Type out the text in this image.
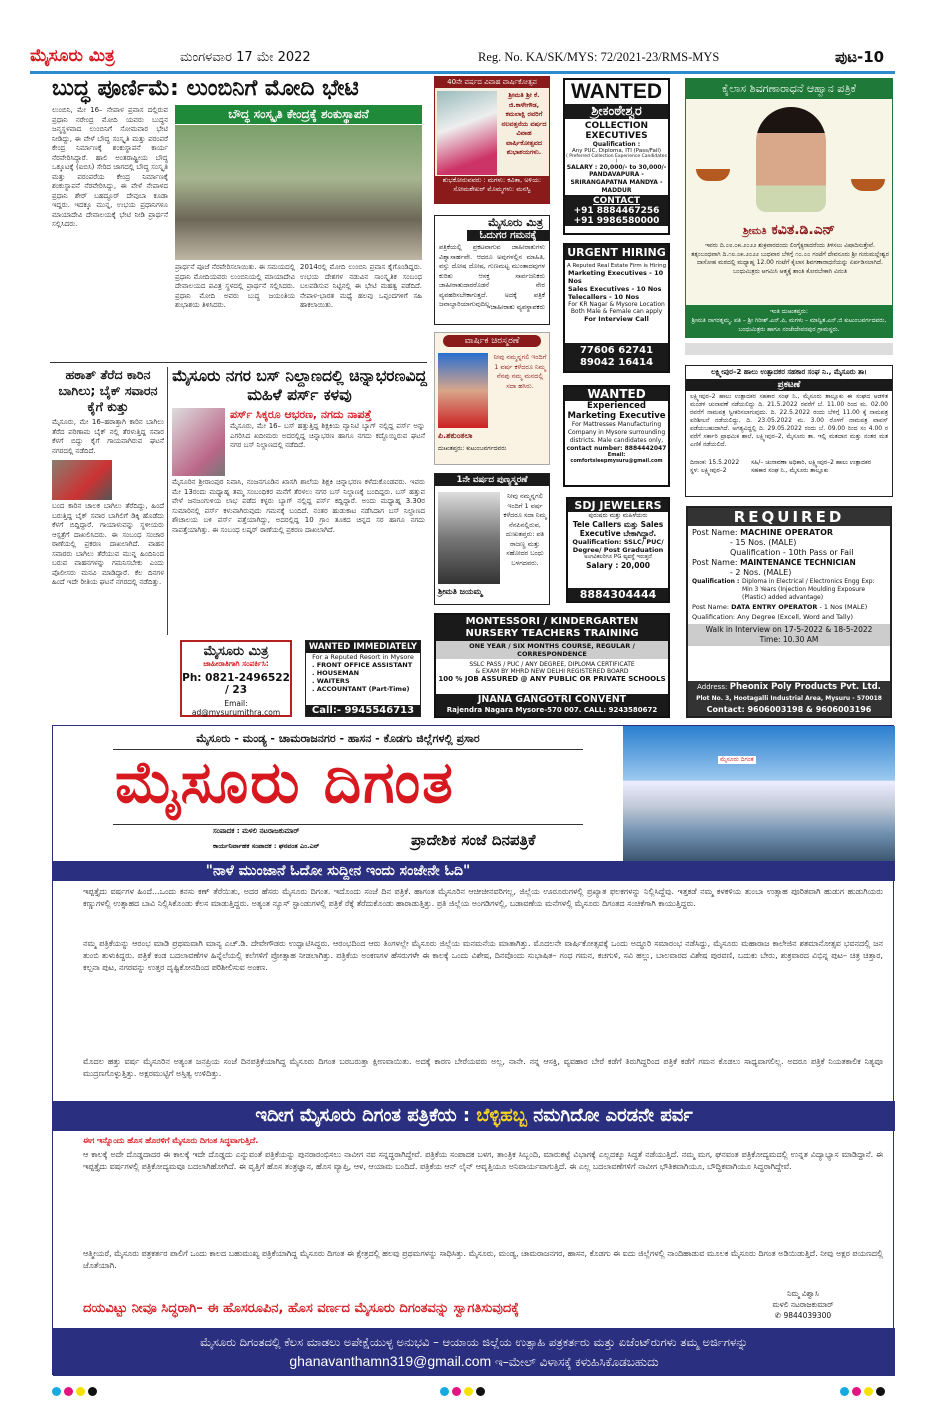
ಮೈಸೂರು ಮಿತ್ರ	ಮಂಗಳವಾರ 17 ಮೇ 2022	Reg. No. KA/SK/MYS: 72/2021-23/RMS-MYS	ಪುಟ-10
ಬುದ್ಧ ಪೂರ್ಣಿಮೆ: ಲುಂಬಿನಿಗೆ ಮೋದಿ ಭೇಟಿ
ಲುಂಬಿನಿ, ಮೇ 16– ನೇಪಾಳ ಪ್ರವಾಸ ದಲ್ಲಿರುವ ಪ್ರಧಾನಿ ನರೇಂದ್ರ ಮೋದಿ ಯವರು ಬುದ್ಧನ ಜನ್ಮಸ್ಥಳವಾದ ಲುಂಬಿನಿಗೆ ಸೋಮವಾರ ಭೇಟಿ ನೀಡಿದ್ದು, ಈ ವೇಳೆ ಬೌದ್ಧ ಸಂಸ್ಕೃತಿ ಮತ್ತು ಪರಂಪರೆ ಕೇಂದ್ರ ನಿರ್ಮಾಣಕ್ಕೆ ಶಂಕುಸ್ಥಾಪನೆ ಕಾರ್ಯ ನೆರವೇರಿಸಿದ್ದಾರೆ. ಹಾಲಿ ಅಂತರಾಷ್ಟ್ರೀಯ ಬೌದ್ಧ ಒಕ್ಕೂಟಕ್ಕೆ (ಐಬಿಸಿ) ಸೇರಿದ ಜಾಗದಲ್ಲಿ ಬೌದ್ಧ ಸಂಸ್ಕೃತಿ ಮತ್ತು ಪರಂಪರೆಯ ಕೇಂದ್ರ ನಿರ್ಮಾಣಕ್ಕೆ ಶಂಕುಸ್ಥಾಪನೆ ನೆರವೇರಿಸಿದ್ದು, ಈ ವೇಳೆ ನೇಪಾಳದ ಪ್ರಧಾನಿ ಶೇರ್ ಬಹದ್ದೂರ್ ದೇವುಬಾ ಕೂಡಾ ಇದ್ದರು. ಇದಕ್ಕೂ ಮುನ್ನ, ಉಭಯ ಪ್ರಧಾನಿಗಳೂ ಮಾಯಾದೇವಿ ದೇವಾಲಯಕ್ಕೆ ಭೇಟಿ ನೀಡಿ ಪ್ರಾರ್ಥನೆ ಸಲ್ಲಿಸಿದರು.
ಬೌದ್ಧ ಸಂಸ್ಕೃತಿ ಕೇಂದ್ರಕ್ಕೆ ಶಂಕುಸ್ಥಾಪನೆ
ಪ್ರಾರ್ಥನೆ ಪೂಜೆ ನೆರವೇರಿಸಲಾಯಿತು. ಈ ಸಮಯದಲ್ಲಿ ಪ್ರಧಾನಿ ಮೋದಿಯವರು ಲುಂಬಿನಿಯಲ್ಲಿ ಮಾಯಾದೇವಿ ದೇವಾಲಯದ ಪವಿತ್ರ ಸ್ಥಳದಲ್ಲಿ ಪ್ರಾರ್ಥನೆ ಸಲ್ಲಿಸಿದರು. ಪ್ರಧಾನಿ ಮೋದಿ ಅವರು ಬುದ್ಧ ಜಯಂತಿಯ ಶುಭಾಶಯ ತಿಳಿಸಿದರು.
2014ರಲ್ಲಿ ಮೋದಿ ಲುಂಬಿನಿ ಪ್ರವಾಸ ಕೈಗೊಂಡಿದ್ದರು. ಉಭಯ ದೇಶಗಳ ನಡುವಿನ ಸಾಂಸ್ಕೃತಿಕ ಸಂಬಂಧ ಬಲಪಡಿಸುವ ನಿಟ್ಟಿನಲ್ಲಿ ಈ ಭೇಟಿ ಮಹತ್ವ ಪಡೆದಿದೆ. ನೇಪಾಳ-ಭಾರತ ಮಧ್ಯೆ ಹಲವು ಒಪ್ಪಂದಗಳಿಗೆ ಸಹಿ ಹಾಕಲಾಯಿತು.
ಹಠಾತ್ ತೆರೆದ ಕಾರಿನ ಬಾಗಿಲು; ಬೈಕ್ ಸವಾರನ ಕೈಗೆ ಕುತ್ತು
ಮೈಸೂರು, ಮೇ 16–ಹಠಾತ್ತಾಗಿ ಕಾರಿನ ಬಾಗಿಲು ತೆರೆದ ಪರಿಣಾಮ ಬೈಕ್ ನಲ್ಲಿ ತೆರಳುತ್ತಿದ್ದ ಸವಾರ ಕೆಳಗೆ ಬಿದ್ದು ಕೈಗೆ ಗಾಯವಾಗಿರುವ ಘಟನೆ ನಗರದಲ್ಲಿ ನಡೆದಿದೆ.
ಬಂದ ಕಾರಿನ ಚಾಲಕ ಬಾಗಿಲು ತೆರೆದಿದ್ದು, ಹಿಂದೆ ಬರುತ್ತಿದ್ದ ಬೈಕ್ ಸವಾರ ಬಾಗಿಲಿಗೆ ಡಿಕ್ಕಿ ಹೊಡೆದು ಕೆಳಗೆ ಬಿದ್ದಿದ್ದಾರೆ. ಗಾಯಾಳುವನ್ನು ಸ್ಥಳೀಯರು ಆಸ್ಪತ್ರೆಗೆ ದಾಖಲಿಸಿದರು. ಈ ಸಂಬಂಧ ಸಂಚಾರ ಠಾಣೆಯಲ್ಲಿ ಪ್ರಕರಣ ದಾಖಲಾಗಿದೆ. ವಾಹನ ಸವಾರರು ಬಾಗಿಲು ತೆರೆಯುವ ಮುನ್ನ ಹಿಂದಿನಿಂದ ಬರುವ ವಾಹನಗಳನ್ನು ಗಮನಿಸಬೇಕು ಎಂದು ಪೊಲೀಸರು ಮನವಿ ಮಾಡಿದ್ದಾರೆ. ಕೆಲ ದಿನಗಳ ಹಿಂದೆ ಇದೇ ರೀತಿಯ ಘಟನೆ ನಗರದಲ್ಲಿ ನಡೆದಿತ್ತು.
ಮೈಸೂರು ನಗರ ಬಸ್ ನಿಲ್ದಾಣದಲ್ಲಿ ಚಿನ್ನಾಭರಣವಿದ್ದ ಮಹಿಳೆ ಪರ್ಸ್ ಕಳವು
ಪರ್ಸ್ ಸಿಕ್ಕರೂ ಆಭರಣ, ನಗದು ನಾಪತ್ತೆ
ಮೈಸೂರು, ಮೇ 16– ಬಸ್ ಹತ್ತುತ್ತಿದ್ದ ಶಿಕ್ಷಕಿಯ ವ್ಯಾನಿಟಿ ಬ್ಯಾಗ್ ನಲ್ಲಿದ್ದ ಪರ್ಸ್ ಅನ್ನು ಎಗರಿಸಿದ ಖದೀಮರು ಅದರಲ್ಲಿದ್ದ ಚಿನ್ನಾಭರಣ ಹಾಗೂ ನಗದು ಕದ್ದೊಯ್ದಿರುವ ಘಟನೆ ನಗರ ಬಸ್ ನಿಲ್ದಾಣದಲ್ಲಿ ನಡೆದಿದೆ.
ಮೈಸೂರಿನ ಶ್ರೀರಾಂಪುರ ನಿವಾಸಿ, ನಂಜನಗೂಡಿನ ಖಾಸಗಿ ಶಾಲೆಯ ಶಿಕ್ಷಕಿ ಚಿನ್ನಾಭರಣ ಕಳೆದುಕೊಂಡವರು. ಇವರು ಮೇ 13ರಂದು ಮಧ್ಯಾಹ್ನ ತಮ್ಮ ಸಂಬಂಧಿಕರ ಮನೆಗೆ ತೆರಳಲು ನಗರ ಬಸ್ ನಿಲ್ದಾಣಕ್ಕೆ ಬಂದಿದ್ದರು. ಬಸ್ ಹತ್ತುವ ವೇಳೆ ಜನಜಂಗುಳಿಯ ಲಾಭ ಪಡೆದ ಕಳ್ಳರು ಬ್ಯಾಗ್ ನಲ್ಲಿದ್ದ ಪರ್ಸ್ ಕದ್ದಿದ್ದಾರೆ. ಅಂದು ಮಧ್ಯಾಹ್ನ 3.30ರ ಸುಮಾರಿನಲ್ಲಿ ಪರ್ಸ್ ಕಳುವಾಗಿರುವುದು ಗಮನಕ್ಕೆ ಬಂದಿದೆ. ನಂತರ ಹುಡುಕಾಟ ನಡೆಸಿದಾಗ ಬಸ್ ನಿಲ್ದಾಣದ ಶೌಚಾಲಯ ಬಳಿ ಪರ್ಸ್ ಪತ್ತೆಯಾಗಿದ್ದು, ಅದರಲ್ಲಿದ್ದ 10 ಗ್ರಾಂ ತೂಕದ ಚಿನ್ನದ ಸರ ಹಾಗೂ ನಗದು ನಾಪತ್ತೆಯಾಗಿತ್ತು. ಈ ಸಂಬಂಧ ಲಷ್ಕರ್ ಠಾಣೆಯಲ್ಲಿ ಪ್ರಕರಣ ದಾಖಲಾಗಿದೆ.
ಮೈಸೂರು ಮಿತ್ರ
ಜಾಹೀರಾತಿಗಾಗಿ ಸಂಪರ್ಕಿಸಿ:
Ph: 0821-2496522 / 23
Email: ad@mysurumithra.com
WANTED IMMEDIATELY
For a Reputed Resort in Mysore
. FRONT OFFICE ASSISTANT
. HOUSEMAN
. WAITERS
. ACCOUNTANT (Part-Time)
Call:- 9945546713
40ನೇ ವರ್ಷದ ವಿವಾಹ ವಾರ್ಷಿಕೋತ್ಸವ
ಶ್ರೀಮತಿ ಶ್ರೀ ಕೆ. ಜಿ.ಕಾಳೇಗೌಡ, ಕಮಲಾಕ್ಷಿ ರವರಿಗೆ ನಲವತ್ತನೆಯ ವರ್ಷದ ವಿವಾಹ ವಾರ್ಷಿಕೋತ್ಸವದ ಶುಭಾಶಯಗಳು.
ಶುಭಕೋರುವವರು : ಮಗಳು: ಕವಿತಾ, ಅಳಿಯ: ಸೋಮಶೇಖರ್ ಮೊಮ್ಮಗಳು: ಮನಸ್ವಿ
ಮೈಸೂರು ಮಿತ್ರ
ಓದುಗರ ಗಮನಕ್ಕೆ
ಪತ್ರಿಕೆಯಲ್ಲಿ ಪ್ರಕಟವಾಗುವ ಜಾಹೀರಾತುಗಳು ವಿಶ್ವಾಸಾರ್ಹವೇ. ಆದರೂ ಅವುಗಳಲ್ಲಿನ ಮಾಹಿತಿ, ವಸ್ತು ದೋಷ ದೋಷ, ಗುಣಮಟ್ಟ ಮುಂತಾದವುಗಳ ಕುರಿತು ಆಸಕ್ತ ಸಾರ್ವಜನಿಕರು ಜಾಹೀರಾತುದಾರರೊಡನೆ ನೇರ ವ್ಯವಹರಿಸಬೇಕಾಗುತ್ತದೆ. ಅದಕ್ಕೆ ಪತ್ರಿಕೆ ಜವಾಬ್ದಾರಿಯಾಗುವುದಿಲ್ಲ.
-ಜಾಹೀರಾತು ವ್ಯವಸ್ಥಾಪಕರು
ವಾರ್ಷಿಕ ಚಿರಸ್ಮರಣೆ
ನೀವು ನಮ್ಮನ್ನಗಲಿ ಇಂದಿಗೆ 1 ವರ್ಷ ಕಳೆದರೂ ನಿಮ್ಮ ನೆನಪು ನಮ್ಮ ಮನದಲ್ಲಿ ಸದಾ ಹಸಿರು.
ಪಿ.ಶಕುಂತಲಾ
ದುಃಖತಪ್ತರು: ಕುಟುಂಬವರ್ಗದವರು
1ನೇ ವರ್ಷದ ಪುಣ್ಯಸ್ಮರಣೆ
ನೀವು ನಮ್ಮನ್ನಗಲಿ ಇಂದಿಗೆ 1 ವರ್ಷ ಕಳೆದರೂ ಸದಾ ನಿಮ್ಮ ನೆನಪಿನಲ್ಲಿರುವ, ದುಃಖತಪ್ತರು: ಪತಿ ರಾಜಣ್ಣ ಮತ್ತು ಸಹೋದರ ಬಂಧು ಬಳಗದವರು.
ಶ್ರೀಮತಿ ಜಯಮ್ಮ
WANTED
ಶ್ರೀಕಂಠೇಶ್ವರ
COLLECTION EXECUTIVES
Qualification :
Any PUC, Diploma, ITI (Pass/Fail)
( Preferred Collection Experience Candidates )
SALARY : 20,000/- to 30,000/-
PANDAVAPURA - SRIRANGAPATNA MANDYA - MADDUR
CONTACT
+91 8884467256
+91 9986580000
URGENT HIRING
A Reputed Real Estate Firm is Hiring
Marketing Executives - 10 Nos
Sales Executives - 10 Nos
Telecallers - 10 Nos
For KR Nagar & Mysore Location
Both Male & Female can apply
For Interview Call
77606 62741
89042 16414
WANTED
Experienced
Marketing Executive
For Mattresses Manufacturing Company in Mysore surrounding districts. Male candidates only,
contact number: 8884442047
Email: comfortsleepmysuru@gmail.com
SDJ JEWELERS
ಪುರುಷರು ಮತ್ತು ಮಹಿಳೆಯರು
Tele Callers ಮತ್ತು Sales Executive ಬೇಕಾಗಿದ್ದಾರೆ.
Qualification: SSLC/ PUC/ Degree/ Post Graduation
ಅಂಗವಿಕಲರಿಗೂ PG ವ್ಯವಸ್ಥೆ ಇರುತ್ತದೆ
Salary : 20,000
8884304444
MONTESSORI / KINDERGARTEN
NURSERY TEACHERS TRAINING
ONE YEAR / SIX MONTHS COURSE, REGULAR / CORRESPONDENCE
SSLC PASS / PUC / ANY DEGREE, DIPLOMA CERTIFICATE
& EXAM BY MHRD NEW DELHI REGISTERED BOARD
100 % JOB ASSURED @ ANY PUBLIC OR PRIVATE SCHOOLS
JNANA GANGOTRI CONVENT
Rajendra Nagara Mysore-570 007. CALL: 9243580672
ಕೈಲಾಸ ಶಿವಗಣಾರಾಧನೆ ಆಹ್ವಾನ ಪತ್ರಿಕೆ
ಶ್ರೀಮತಿ ಕವಿತ.ಡಿ.ಎನ್
ಇವರು ದಿ.೦೮.೦೫.೨೦೨೨ ಶುಕ್ರವಾರದಂದು ಲಿಂಗೈಕ್ಯರಾದರೆಂದು ತಿಳಿಸಲು ವಿಷಾದಿಸುತ್ತೇವೆ. ತತ್ಸಂಬಂಧವಾಗಿ ದಿ.೧೮.೦೫.೨೦೨೨ ಬುಧವಾರ ಬೆಳಿಗ್ಗೆ ೧೦.೦೦ ಗಂಟೆಗೆ ದೇವನೂರು ಶ್ರೀ ಗುರುಮಲ್ಲೇಶ್ವರ ದಾಸೋಹ ಮಠದಲ್ಲಿ ಮಧ್ಯಾಹ್ನ 12.00 ಗಂಟೆಗೆ ಕೈಲಾಸ ಶಿವಗಣಾರಾಧನೆಯನ್ನು ಏರ್ಪಡಿಸಲಾಗಿದೆ. ಬಂಧುಮಿತ್ರರು ಆಗಮಿಸಿ ಆತ್ಮಕ್ಕೆ ಶಾಂತಿ ಕೋರಬೇಕಾಗಿ ವಿನಂತಿ
ಇಂತಿ ದುಃಖತಪ್ತರು:
ಶ್ರೀಮತಿ ನಾಗರತ್ನಮ್ಮ, ಪತಿ – ಶ್ರೀ ಗಿರೀಶ್.ಎನ್.ಪಿ, ಮಗಳು – ಮಾನ್ವಿತ.ಎನ್.ಜಿ ಕುಟುಂಬವರ್ಗದವರು, ಬಂಧುಮಿತ್ರರು ಹಾಗೂ ನಂಜೇದೇವನಪುರ ಗ್ರಾಮಸ್ಥರು.
ಲಕ್ಷ್ಮೀಪುರ–2 ಹಾಲು ಉತ್ಪಾದಕರ ಸಹಕಾರ ಸಂಘ ನಿ., ಮೈಸೂರು ತಾ।
ಪ್ರಕಟಣೆ
ಲಕ್ಷ್ಮೀಪುರ–2 ಹಾಲು ಉತ್ಪಾದಕರ ಸಹಕಾರ ಸಂಘ ನಿ., ಮೈಸೂರು ತಾಲ್ಲೂಕು ಈ ಸಂಘದ ಆಡಳಿತ ಮಂಡಳಿ ಚುನಾವಣೆ ನಡೆಯಲಿದ್ದು ದಿ. 21.5.2022 ರವರೆಗೆ ಬೆ. 11.00 ರಿಂದ ಮ. 02.00 ರವರೆಗೆ ನಾಮಪತ್ರ ಸ್ವೀಕರಿಸಲಾಗುವುದು. ದಿ. 22.5.2022 ರಂದು ಬೆಳಿಗ್ಗೆ 11.00 ಕ್ಕೆ ನಾಮಪತ್ರ ಪರಿಶೀಲನೆ ನಡೆಯಲಿದ್ದು, ದಿ. 23.05.2022 ಮ. 3.00 ರೊಳಗೆ ನಾಮಪತ್ರ ವಾಪಸ್ ಪಡೆಯಬಹುದಾಗಿದೆ. ಅಗತ್ಯವಿದ್ದಲ್ಲಿ ದಿ. 29.05.2022 ರಂದು ಬೆ. 09.00 ರಿಂದ ಸಂ 4.00 ರ ವರೆಗೆ ಸರ್ಕಾರಿ ಪ್ರಾಥಮಿಕ ಶಾಲೆ, ಲಕ್ಷ್ಮೀಪುರ–2, ಮೈಸೂರು ತಾ. ಇಲ್ಲಿ ಮತದಾನ ಮತ್ತು ನಂತರ ಮತ ಎಣಿಕೆ ನಡೆಯಲಿದೆ.
ದಿನಾಂಕ: 15.5.2022
ಸ್ಥಳ: ಲಕ್ಷ್ಮೀಪುರ–2
ಸಹಿ/– ಚುನಾವಣಾ ಅಧಿಕಾರಿ, ಲಕ್ಷ್ಮೀಪುರ–2 ಹಾಲು ಉತ್ಪಾದಕರ ಸಹಕಾರ ಸಂಘ ನಿ., ಮೈಸೂರು ತಾಲ್ಲೂಕು
REQUIRED
Post Name: MACHINE OPERATOR
- 15 Nos. (MALE)
Qualification - 10th Pass or Fail
Post Name: MAINTENANCE TECHNICIAN
- 2 Nos. (MALE)
Qualification : Diploma in Electrical / Electronics Engg Exp: Min 3 Years (Injection Moulding Exposure (Plastic) added advantage)
Post Name: DATA ENTRY OPERATOR - 1 Nos (MALE)
Qualification: Any Degree (Excell, Word and Tally)
Walk in Interview on 17-5-2022 & 18-5-2022
Time: 10.30 AM
Address: Pheonix Poly Products Pvt. Ltd.
Plot No. 3, Hootagalli Industrial Area, Mysuru - 570018
Contact: 9606003198 & 9606003196
ಮೈಸೂರು - ಮಂಡ್ಯ - ಚಾಮರಾಜನಗರ - ಹಾಸನ - ಕೊಡಗು ಜಿಲ್ಲೆಗಳಲ್ಲಿ ಪ್ರಸಾರ
ಮೈಸೂರು ದಿಗಂತ
ಸಂಪಾದಕ : ಮಳಲಿ ನಟರಾಜಕುಮಾರ್
ಕಾರ್ಯನಿರ್ವಾಹಕ ಸಂಪಾದಕ : ಘನವಂತ ಎಂ.ಎನ್	ಪ್ರಾದೇಶಿಕ ಸಂಜೆ ದಿನಪತ್ರಿಕೆ
ಮೈಸೂರು ದಿಗಂತ
"ನಾಳೆ ಮುಂಜಾನೆ ಓದೋ ಸುದ್ದೀನ ಇಂದು ಸಂಜೇನೇ ಓದಿ"
ಇಪ್ಪತ್ತೈದು ವರ್ಷಗಳ ಹಿಂದೆ...ಒಂದು ಕನಸು ಕಣ್ ತೆರೆಯಿತು, ಅದರ ಹೆಸರು ಮೈಸೂರು ದಿಗಂತ. ಇದೊಂದು ಸಂಜೆ ದಿನ ಪತ್ರಿಕೆ. ಹಾಗಂತ ಮೈಸೂರಿನ ಆಚೀಚೀನವರಿಗಲ್ಲ, ಜಿಲ್ಲೆಯ ಊರೂರುಗಳಲ್ಲಿ ಪ್ರಖ್ಯಾತ ಫಲಕಗಳನ್ನು ನಿಲ್ಲಿಸಿದ್ದೆವು. ಇತ್ತಕಡೆ ನಮ್ಮ ಕಳಕಳಿಯ ತುಂಬಾ ಉತ್ಸಾಹ ಪೂರಿತವಾಗಿ ಹುಡುಗ ಹುಡುಗಿಯರು ಕಣ್ಣುಗಳಲ್ಲಿ ಉತ್ಸಾಹದ ಬಾವಿ ನಿಲ್ಲಿಸಿಕೊಂಡು ಕೆಲಸ ಮಾಡುತ್ತಿದ್ದರು. ಅತ್ಯಂತ ನ್ಯೂಸ್ ಸ್ಟಾಂಡುಗಳಲ್ಲಿ ಪತ್ರಿಕೆ ರೆಕ್ಕೆ ತೆರೆದುಕೊಂಡು ಹಾರಾಡುತ್ತಿತ್ತು. ಪ್ರತಿ ಜಿಲ್ಲೆಯ ಅಂಗಡಿಗಳಲ್ಲಿ, ಬಡಾವಣೆಯ ಮನೆಗಳಲ್ಲಿ ಮೈಸೂರು ದಿಗಂತದ ಸಂಚಿಕೆಗಾಗಿ ಕಾಯುತ್ತಿದ್ದರು.
ನಮ್ಮ ಪತ್ರಿಕೆಯನ್ನು ಆರಂಭ ಮಾಡಿ ಪ್ರಥಮವಾಗಿ ಮಾನ್ಯ ಎಚ್.ಡಿ. ದೇವೇಗೌಡರು ಉದ್ಘಾಟಿಸಿದ್ದರು. ಆರಂಭದಿಂದ ಆರು ತಿಂಗಳಲ್ಲೇ ಮೈಸೂರು ಜಿಲ್ಲೆಯ ಮನಮನೆಯ ಮಾತಾಗಿತ್ತು. ಮೊದಲನೇ ವಾರ್ಷಿಕೋತ್ಸವಕ್ಕೆ ಒಂದು ಅದ್ಧೂರಿ ಸಮಾರಂಭ ನಡೆಸಿದ್ದು, ಮೈಸೂರು ಮಹಾರಾಜ ಕಾಲೇಜಿನ ಶತಮಾನೋತ್ಸವ ಭವನದಲ್ಲಿ ಜನ ತುಂಬಿ ತುಳುಕಿದ್ದರು. ಪತ್ರಿಕೆ ಕಂಡ ಬದಲಾವಣೆಗಳ ಹಿನ್ನೆಲೆಯಲ್ಲಿ ಕಲೆಗಳಿಗೆ ಪ್ರೋತ್ಸಾಹ ನೀಡಲಾಗಿತ್ತು. ಪತ್ರಿಕೆಯ ಅಂಕಣಗಳ ಹೆಸರುಗಳೇ ಈ ಕಾಲಕ್ಕೆ ಒಂದು ವಿಶೇಷ, ದಿನವೊಂದು ಸುಭಾಷಿತ– ಗಂಧ ಗಮನ, ಕಚಗುಳಿ, ಸವಿ ಹಲ್ಲು, ಬಾಲವಾರದ ವಿಶೇಷ ಪುರವಣಿ, ಬದುಕು ಬೇರು, ಶುಕ್ರವಾರದ ವಿಭಿನ್ನ ಪುಟ– ಚಿತ್ರ ಚಿತ್ತಾರ, ಕಲ್ಪನಾ ಪುಟ, ನಗರವನ್ನು ಉತ್ತರ ದೃಷ್ಟಿಕೋನದಿಂದ ಪರಿಶೀಲಿಸುವ ಅಂಕಣ.
ಮೊದಲ ಹತ್ತು ವರ್ಷ ಮೈಸೂರಿನ ಅತ್ಯಂತ ಜನಪ್ರಿಯ ಸಂಜೆ ದಿನಪತ್ರಿಕೆಯಾಗಿದ್ದ ಮೈಸೂರು ದಿಗಂತ ಬರಬರುತ್ತಾ ಕ್ಷೀಣವಾಯಿತು. ಅದಕ್ಕೆ ಕಾರಣ ಬೇರೆಯವರು ಅಲ್ಲ, ನಾನೇ. ನನ್ನ ಆಸಕ್ತಿ, ವ್ಯವಹಾರ ಬೇರೆ ಕಡೆಗೆ ತಿರುಗಿದ್ದರಿಂದ ಪತ್ರಿಕೆ ಕಡೆಗೆ ಗಮನ ಕೊಡಲು ಸಾಧ್ಯವಾಗಲಿಲ್ಲ. ಅದರೂ ಪತ್ರಿಕೆ ನಿಯತಕಾಲಿಕ ನಿತ್ಯವೂ ಮುದ್ರಣಗೊಳ್ಳುತ್ತಿತ್ತು. ಅಕ್ಷರಮುಟ್ಟಿಗೆ ಅಸ್ತಿತ್ವ ಉಳಿದಿತ್ತು.
ಇದೀಗ ಮೈಸೂರು ದಿಗಂತ ಪತ್ರಿಕೆಯ : ಬೆಳ್ಳಿಹಬ್ಬ ನಮಗಿದೋ ಎರಡನೇ ಪರ್ವ
ಈಗ ಇನ್ನೊಂದು ಹೊಸ ಹೊರಳಿಗೆ ಮೈಸೂರು ದಿಗಂತ ಸಿದ್ಧವಾಗುತ್ತಿದೆ.
ಆ ಕಾಲಕ್ಕೆ ಅದೇ ದೊಡ್ಡದಾದರ ಈ ಕಾಲಕ್ಕೆ ಇದೇ ದೊಡ್ಡದು ಎನ್ನುವಂತೆ ಪತ್ರಿಕೆಯನ್ನು ಪುನರಾರಂಭಿಸಲು ನಾವೀಗ ನವ ಸನ್ನದ್ಧರಾಗಿದ್ದೇವೆ. ಪತ್ರಿಕೆಯ ಸಂಪಾದಕ ಬಳಗ, ತಾಂತ್ರಿಕ ಸಿಬ್ಬಂದಿ, ಮಾರುಕಟ್ಟೆ ವಿಭಾಗಕ್ಕೆ ಎಲ್ಲದಕ್ಕೂ ಸಿದ್ಧತೆ ನಡೆಯುತ್ತಿದೆ. ನಮ್ಮ ಮಗ, ಘನವಂತ ಪತ್ರಿಕೋದ್ಯಮದಲ್ಲಿ ಉನ್ನತ ವಿದ್ಯಾಭ್ಯಾಸ ಮಾಡಿದ್ದಾನೆ. ಈ ಇಪ್ಪತ್ತೈದು ವರ್ಷಗಳಲ್ಲಿ ಪತ್ರಿಕೋದ್ಯಮವೂ ಬದಲಾಗಿಹೋಗಿದೆ. ಈ ವೃತ್ತಿಗೆ ಹೊಸ ತಂತ್ರಜ್ಞಾನ, ಹೊಸ ವ್ಯಾಪ್ತಿ, ಆಳ, ಆಯಾಮ ಬಂದಿದೆ. ಪತ್ರಿಕೆಯ ಆನ್ ಲೈನ್ ಆವೃತ್ತಿಯೂ ಅನಿವಾರ್ಯವಾಗುತ್ತಿದೆ. ಈ ಎಲ್ಲ ಬದಲಾವಣೆಗಳಿಗೆ ನಾವೀಗ ಭೌತಿಕವಾಗಿಯೂ, ಬೌದ್ಧಿಕವಾಗಿಯೂ ಸಿದ್ಧರಾಗಿದ್ದೇವೆ.
ಆತ್ಮೀಯರೆ, ಮೈಸೂರು ಪತ್ರಕರ್ತರ ಪಾಲಿಗೆ ಒಂದು ಕಾಲದ ಬಹುಮುಖ್ಯ ಪತ್ರಿಕೆಯಾಗಿದ್ದ ಮೈಸೂರು ದಿಗಂತ ಈ ಕ್ಷೇತ್ರದಲ್ಲಿ ಹಲವು ಪ್ರಥಮಗಳನ್ನು ಸಾಧಿಸಿತ್ತು. ಮೈಸೂರು, ಮಂಡ್ಯ, ಚಾಮರಾಜನಗರ, ಹಾಸನ, ಕೊಡಗು ಈ ಐದು ಜಿಲ್ಲೆಗಳಲ್ಲಿ ನಾಂದಿಹಾಡುವ ಮೂಲಕ ಮೈಸೂರು ದಿಗಂತ ಅಡಿಯಿಡುತ್ತಿದೆ. ನೀವು ಅಕ್ಷರ ಪಯಣದಲ್ಲಿ ಜೊತೆಯಾಗಿ.
ದಯವಿಟ್ಟು ನೀವೂ ಸಿದ್ಧರಾಗಿ– ಈ ಹೊಸರೂಪಿನ, ಹೊಸ ವರ್ಣದ ಮೈಸೂರು ದಿಗಂತವನ್ನು ಸ್ವಾಗತಿಸುವುದಕ್ಕೆ
ನಿಮ್ಮ ವಿಶ್ವಾಸಿ
ಮಳಲಿ ನಟರಾಜಕುಮಾರ್
✆ 9844039300
ಮೈಸೂರು ದಿಗಂತದಲ್ಲಿ ಕೆಲಸ ಮಾಡಲು ಅಪೇಕ್ಷೆಯುಳ್ಳ ಅನುಭವಿ – ಆಯಾಯ ಜಿಲ್ಲೆಯ ಉತ್ಸಾಹಿ ಪತ್ರಕರ್ತರು ಮತ್ತು ಏಜೆಂಟ್‌ರುಗಳು ತಮ್ಮ ಅರ್ಜಿಗಳನ್ನು
ghanavanthamn319@gmail.com ಇ–ಮೇಲ್ ವಿಳಾಸಕ್ಕೆ ಕಳುಹಿಸಿಕೊಡಬಹುದು
